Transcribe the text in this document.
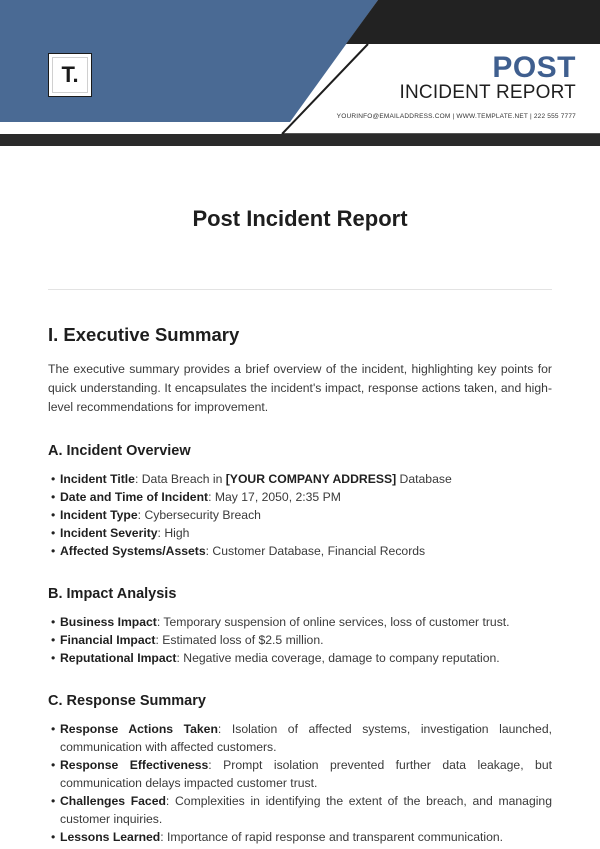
T.	POST
INCIDENT REPORT
YOURINFO@EMAILADDRESS.COM | WWW.TEMPLATE.NET | 222 555 7777
Post Incident Report
I. Executive Summary

The executive summary provides a brief overview of the incident, highlighting key points for quick understanding. It encapsulates the incident's impact, response actions taken, and high-level recommendations for improvement.

A. Incident Overview
• Incident Title: Data Breach in [YOUR COMPANY ADDRESS] Database
• Date and Time of Incident: May 17, 2050, 2:35 PM
• Incident Type: Cybersecurity Breach
• Incident Severity: High
• Affected Systems/Assets: Customer Database, Financial Records
B. Impact Analysis
• Business Impact: Temporary suspension of online services, loss of customer trust.
• Financial Impact: Estimated loss of $2.5 million.
• Reputational Impact: Negative media coverage, damage to company reputation.
C. Response Summary
• Response Actions Taken: Isolation of affected systems, investigation launched, communication with affected customers.
• Response Effectiveness: Prompt isolation prevented further data leakage, but communication delays impacted customer trust.
• Challenges Faced: Complexities in identifying the extent of the breach, and managing customer inquiries.
• Lessons Learned: Importance of rapid response and transparent communication.
